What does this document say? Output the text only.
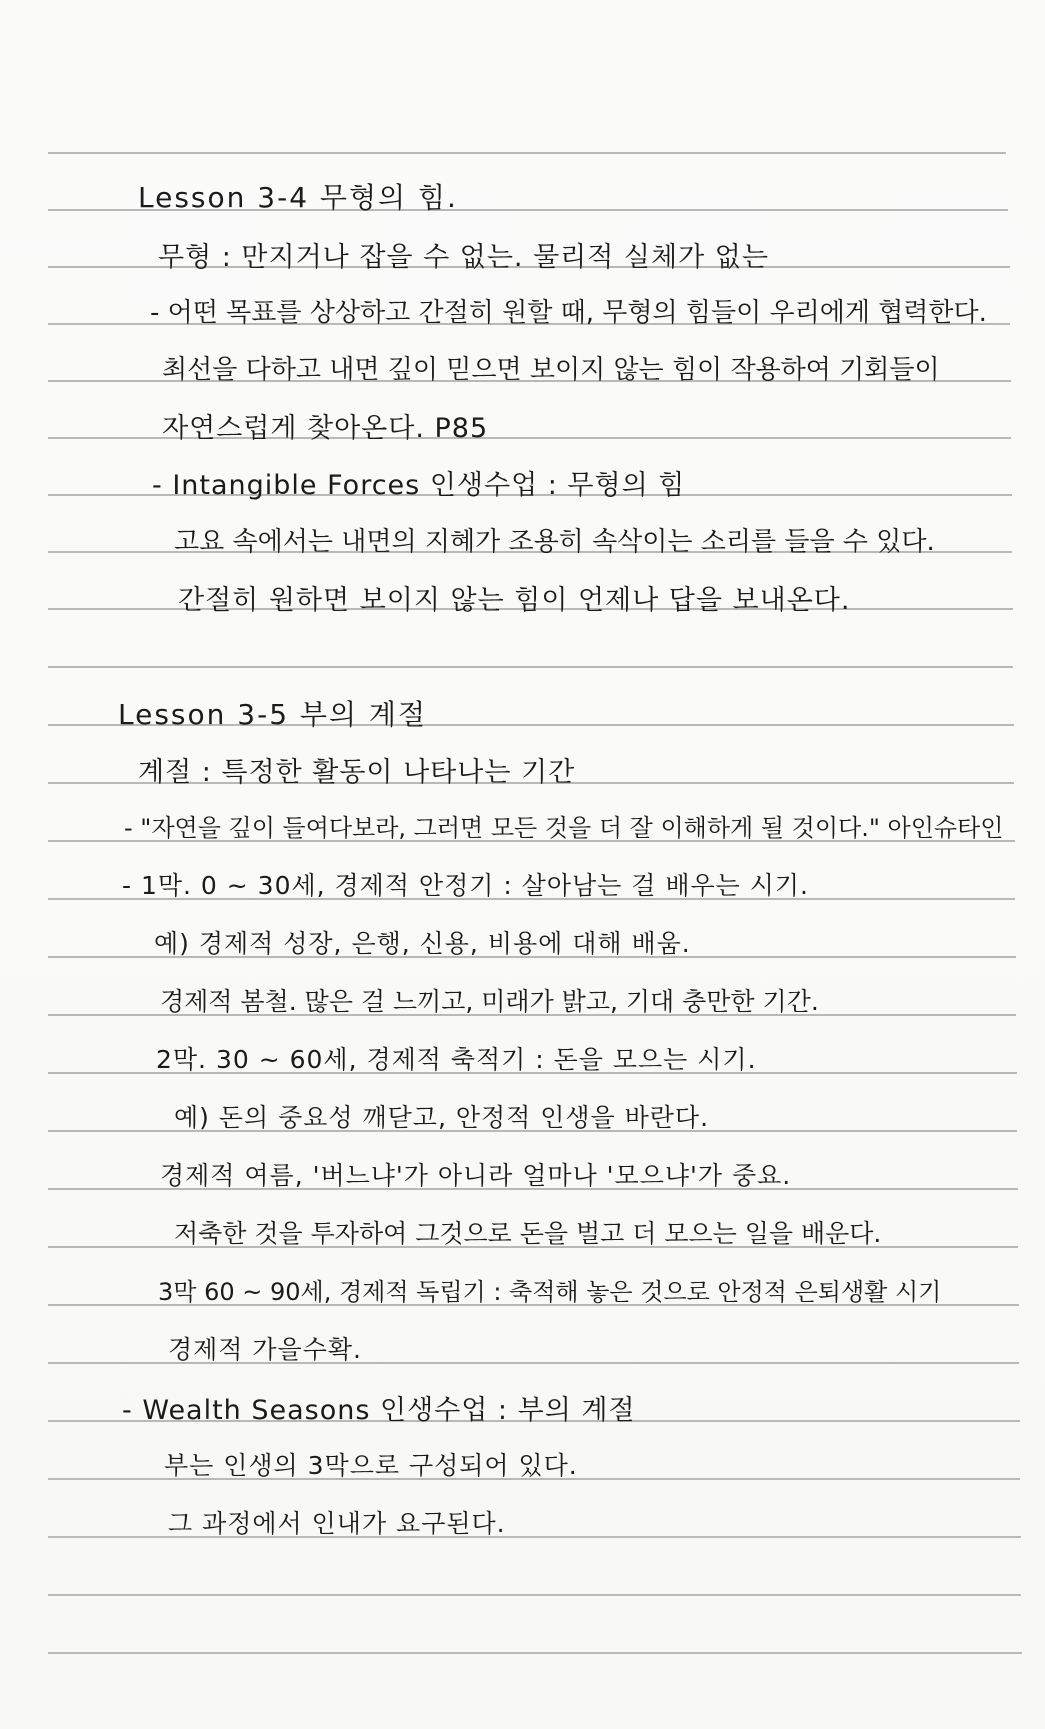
Lesson 3-4 무형의 힘.
무형 : 만지거나 잡을 수 없는. 물리적 실체가 없는
- 어떤 목표를 상상하고 간절히 원할 때, 무형의 힘들이 우리에게 협력한다.
최선을 다하고 내면 깊이 믿으면 보이지 않는 힘이 작용하여 기회들이
자연스럽게 찾아온다. P85
- Intangible Forces 인생수업 : 무형의 힘
고요 속에서는 내면의 지혜가 조용히 속삭이는 소리를 들을 수 있다.
간절히 원하면 보이지 않는 힘이 언제나 답을 보내온다.
Lesson 3-5 부의 계절
계절 : 특정한 활동이 나타나는 기간
- "자연을 깊이 들여다보라, 그러면 모든 것을 더 잘 이해하게 될 것이다." 아인슈타인
- 1막. 0 ~ 30세, 경제적 안정기 : 살아남는 걸 배우는 시기.
예) 경제적 성장, 은행, 신용, 비용에 대해 배움.
경제적 봄철. 많은 걸 느끼고, 미래가 밝고, 기대 충만한 기간.
2막. 30 ~ 60세, 경제적 축적기 : 돈을 모으는 시기.
예) 돈의 중요성 깨닫고, 안정적 인생을 바란다.
경제적 여름, '버느냐'가 아니라 얼마나 '모으냐'가 중요.
저축한 것을 투자하여 그것으로 돈을 벌고 더 모으는 일을 배운다.
3막 60 ~ 90세, 경제적 독립기 : 축적해 놓은 것으로 안정적 은퇴생활 시기
경제적 가을수확.
- Wealth Seasons 인생수업 : 부의 계절
부는 인생의 3막으로 구성되어 있다.
그 과정에서 인내가 요구된다.
